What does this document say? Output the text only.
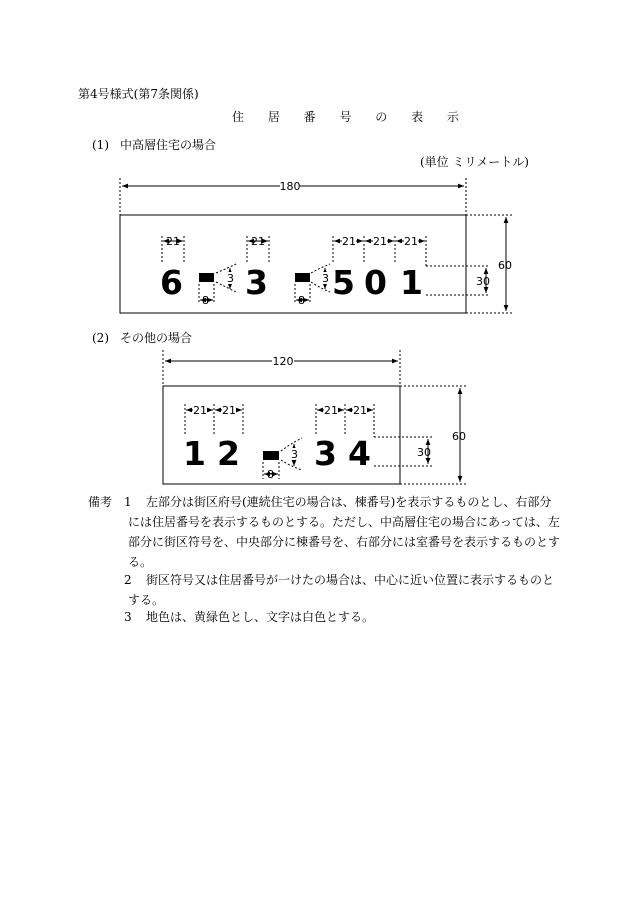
第4号様式(第7条関係)
住 居 番 号 の 表 示
(1) 中高層住宅の場合
(単位 ミリメートル)
180
60
30
21	21	21 21 21
6 3 5 0 1
8
3
8
3
120
60
30
21 21	21 21
1 2 3 4
8
3
(2) その他の場合
備考 1	左部分は街区府号(連続住宅の場合は、棟番号)を表示するものとし、右部分には住居番号を表示するものとする。ただし、中高層住宅の場合にあっては、左部分に街区符号を、中央部分に棟番号を、右部分には室番号を表示するものとする。
2	街区符号又は住居番号が一けたの場合は、中心に近い位置に表示するものとする。
3	地色は、黄緑色とし、文字は白色とする。
